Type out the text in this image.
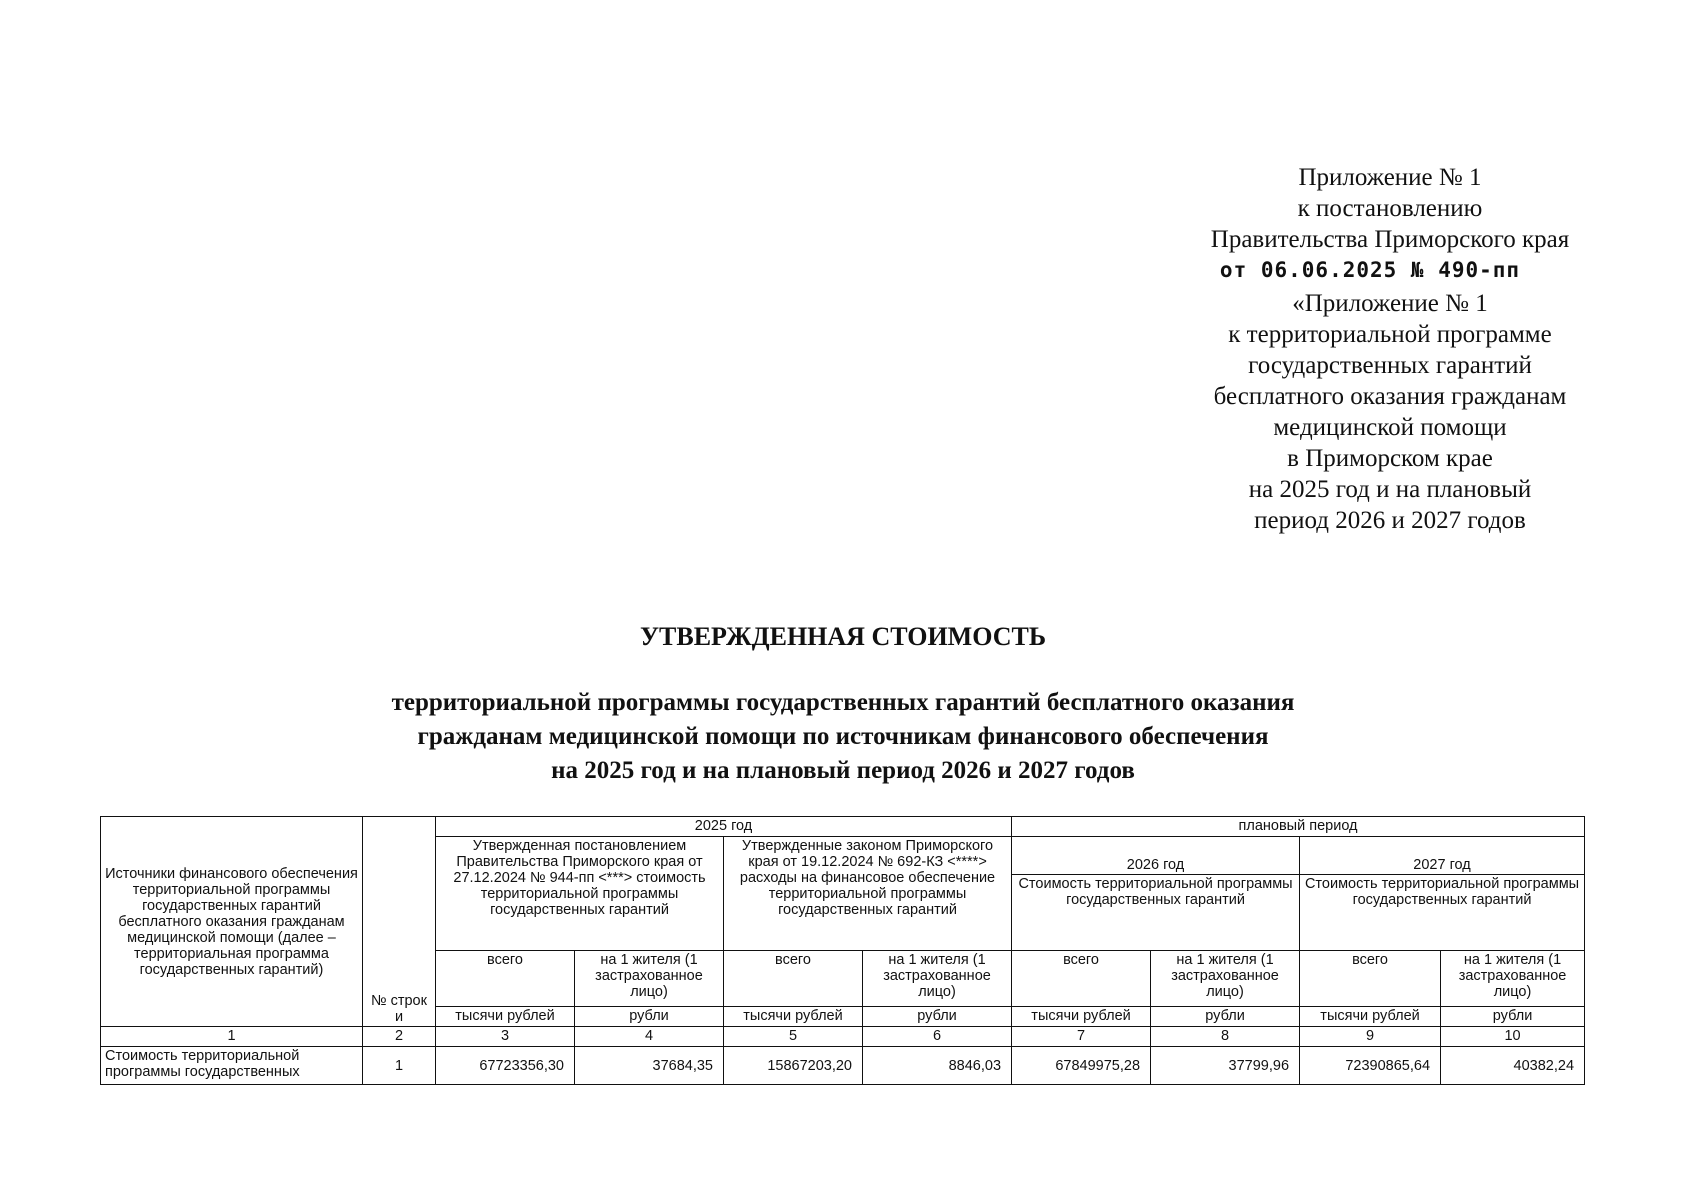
Приложение № 1
к постановлению
Правительства Приморского края
от 06.06.2025 № 490-пп
«Приложение № 1
к территориальной программе
государственных гарантий
бесплатного оказания гражданам
медицинской помощи
в Приморском крае
на 2025 год и на плановый
период 2026 и 2027 годов
УТВЕРЖДЕННАЯ СТОИМОСТЬ
территориальной программы государственных гарантий бесплатного оказания
гражданам медицинской помощи по источникам финансового обеспечения
на 2025 год и на плановый период 2026 и 2027 годов
Источники финансового обеспечения территориальной программы государственных гарантий бесплатного оказания гражданам медицинской помощи (далее – территориальная программа государственных гарантий)	№ строк и	2025 год				плановый период			
		Утвержденная постановлением Правительства Приморского края от 27.12.2024 № 944-пп <***> стоимость территориальной программы государственных гарантий		Утвержденные законом Приморского края от 19.12.2024 № 692-КЗ <****> расходы на финансовое обеспечение территориальной программы государственных гарантий		2026 год		2027 год	
						Стоимость территориальной программы государственных гарантий		Стоимость территориальной программы государственных гарантий	
		всего	на 1 жителя (1 застрахованное лицо)	всего	на 1 жителя (1 застрахованное лицо)	всего	на 1 жителя (1 застрахованное лицо)	всего	на 1 жителя (1 застрахованное лицо)
		тысячи рублей	рубли	тысячи рублей	рубли	тысячи рублей	рубли	тысячи рублей	рубли
1	2	3	4	5	6	7	8	9	10
Стоимость территориальной программы государственных	1	67723356,30	37684,35	15867203,20	8846,03	67849975,28	37799,96	72390865,64	40382,24
